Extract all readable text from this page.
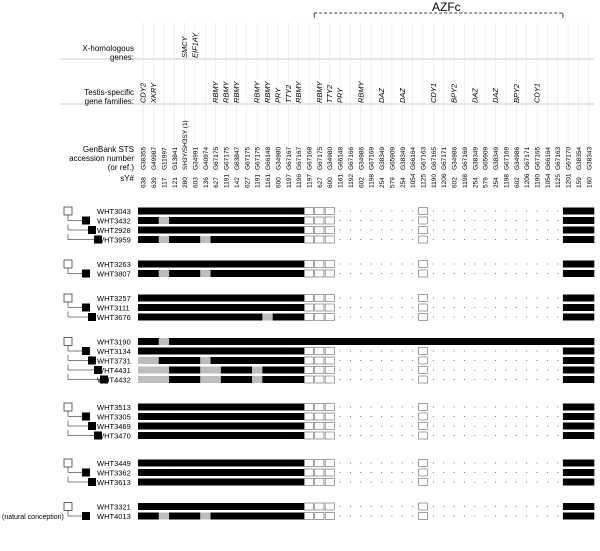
AZFc
X-homologous
genes:
Testis-specific
gene families:
GenBank STS
accession number
(or ref.)
sY#
CDY2
G38355
638
XKRY
G49987
639
G11997
117
G13841
121
SMCY
SH3Y/SH3SY (1)
280
EIF1AY
G34991
603
G40974
136
RBMY
G67175
627
RBMY
G67175
1191
RBMY
G83847
142
G67175
627
RBMY
G67175
1191
RBMY
G66148
1161
PRY
G34980
600
TTY2
G67167
1197
RBMY
G67167
1196
G67168
1197
RBMY
G67175
627
TTY2
G34980
600
PRY
G66148
1161
G67166
1192
RBMY
G34986
602
G67169
1198
DAZ
G38349
254
G65909
579
DAZ
G38349
254
G66164
1054
G67163
1125
CDY1
G67165
1190
G67171
1206
BPY2
G34986
602
G67169
1198
DAZ
G38349
254
G65909
579
DAZ
G38349
254
G67169
1198
BPY2
G34986
602
G67171
1206
CDY1
G67165
1190
G66164
1054
G67163
1125
G67170
1201
G38354
159
G38343
160
WHT3043
WHT3432
WHT2928
WHT3959
WHT3263
WHT3807
WHT3257
WHT3111
WHT3676
WHT3190
WHT3134
WHT3731
WHT4431
WHT4432
WHT3513
WHT3305
WHT3469
WHT3470
WHT3449
WHT3362
WHT3613
WHT3321
WHT4013
(natural conception)
